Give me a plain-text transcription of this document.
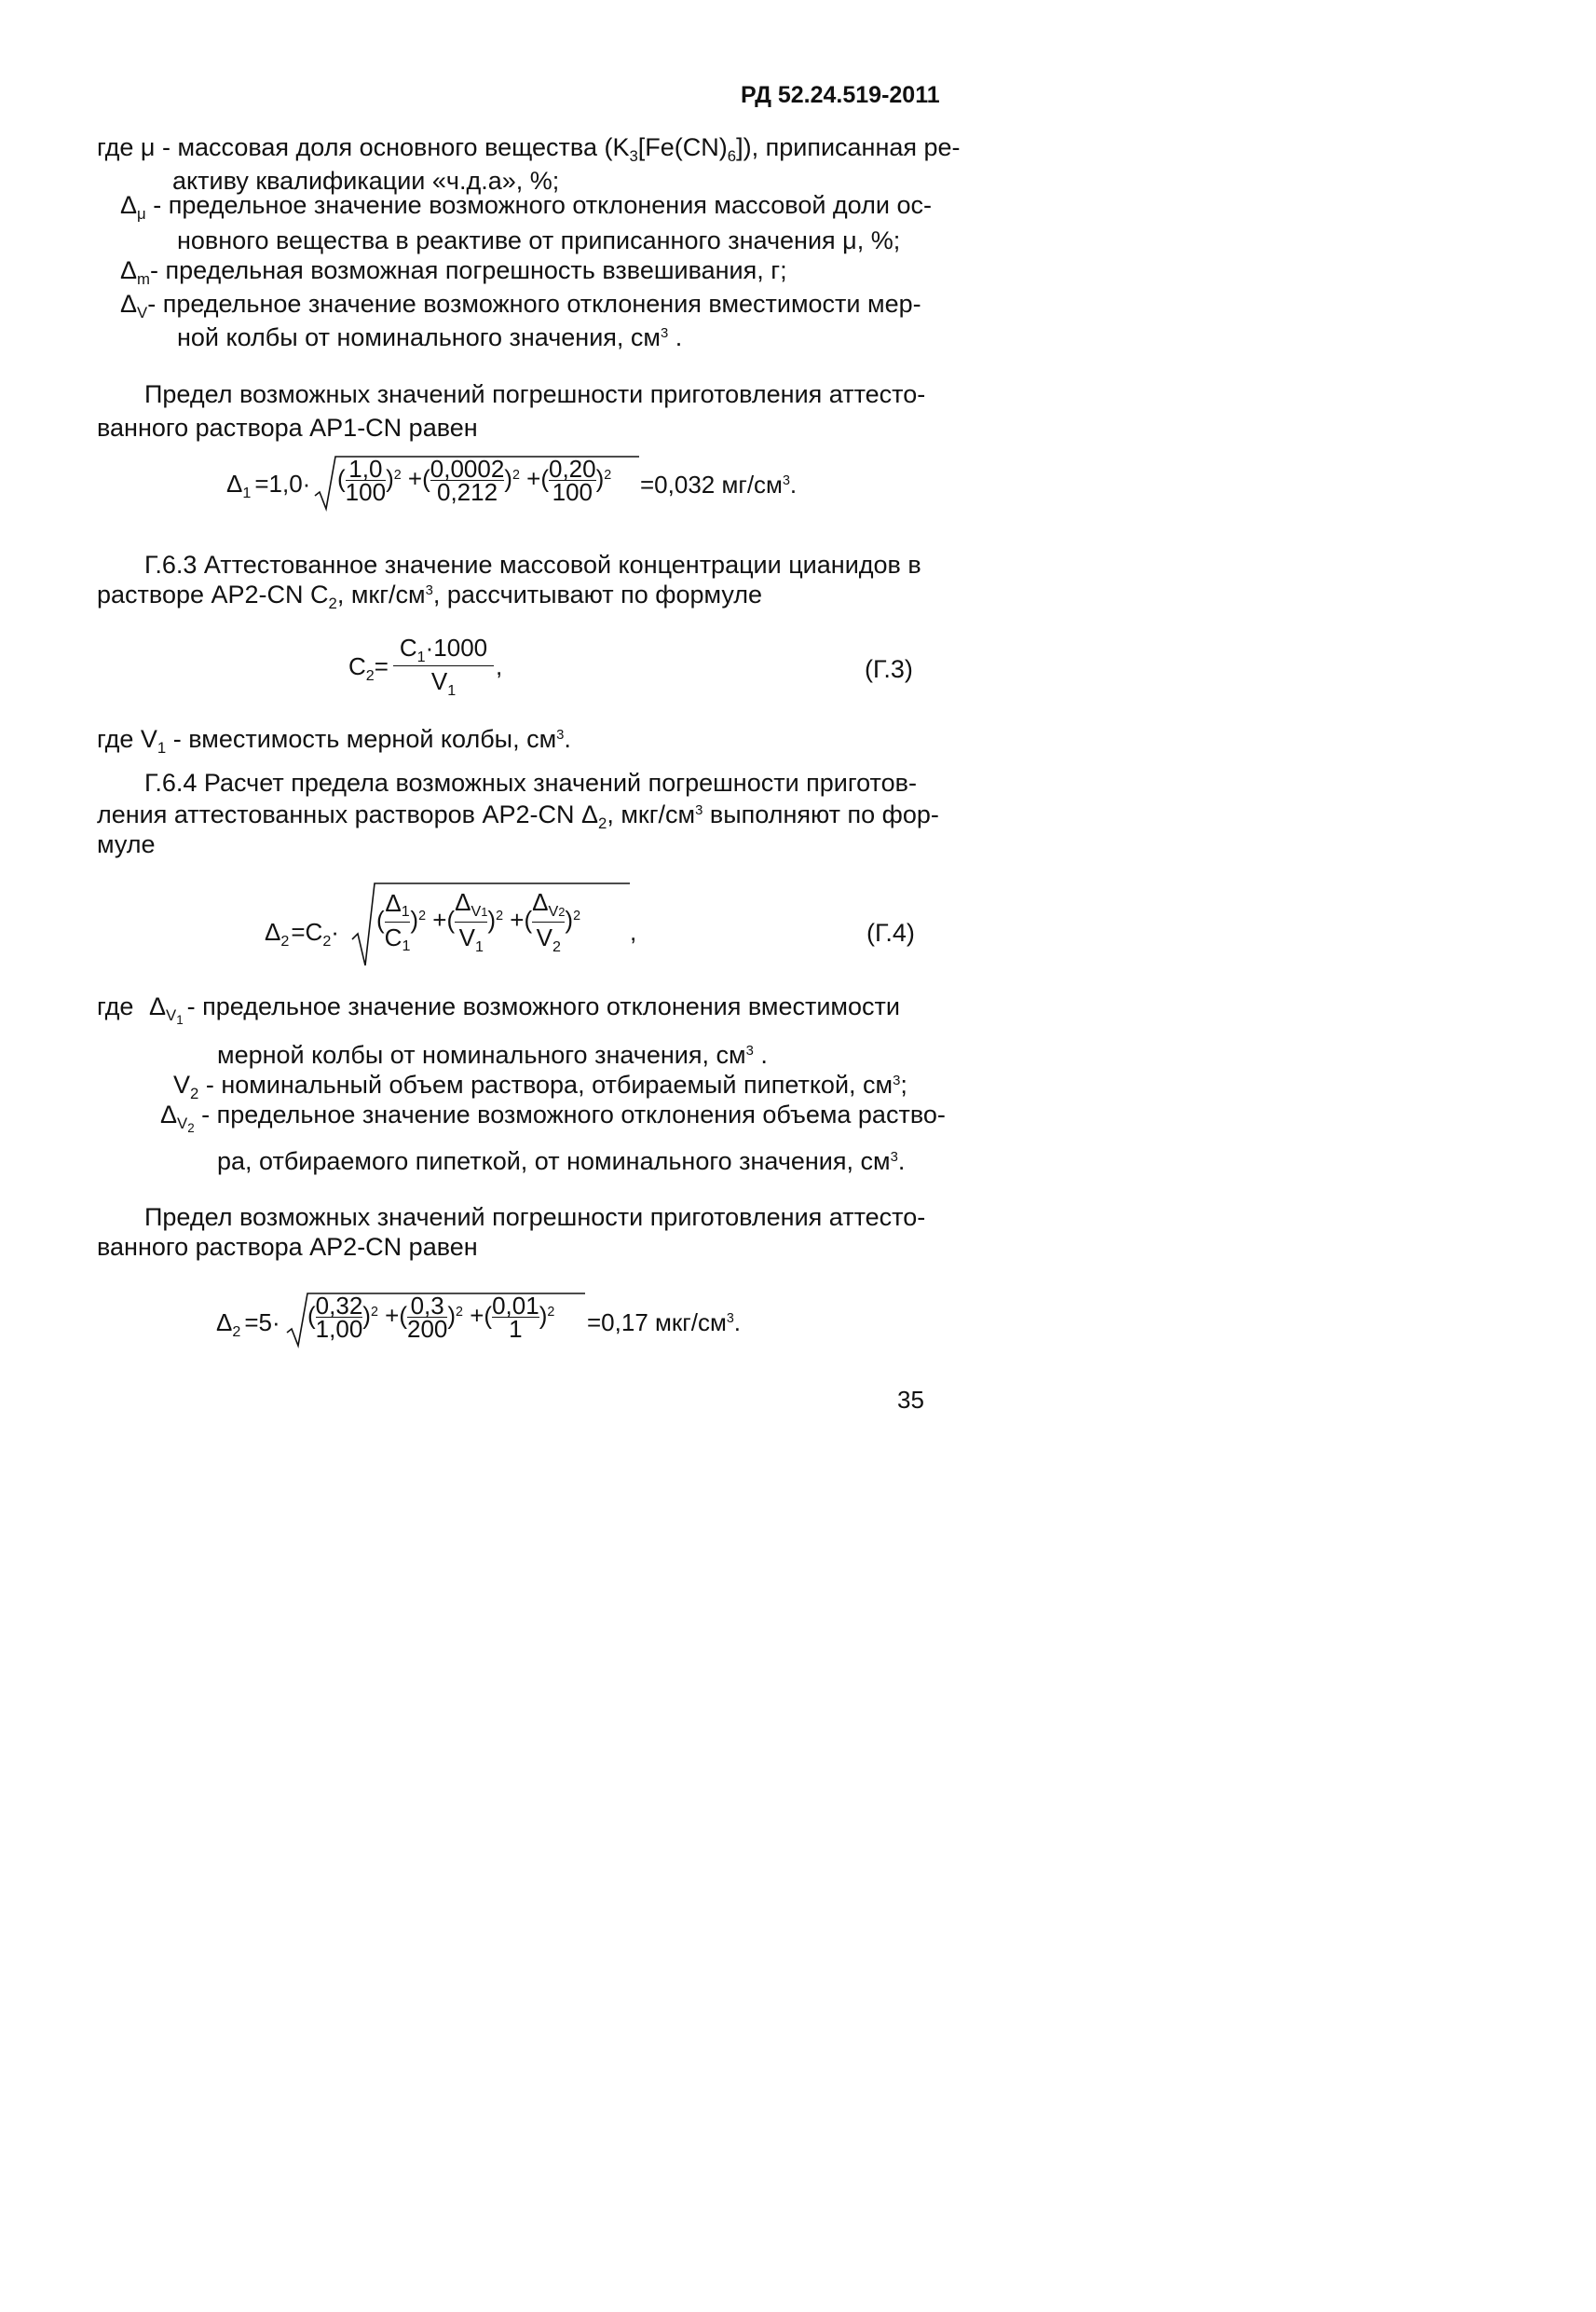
РД 52.24.519-2011
где μ - массовая доля основного вещества $(K_3[Fe(CN)_6])$, приписанная ре-
активу квалификации «ч.д.а», %;
$\Delta_\mu$ - предельное значение возможного отклонения массовой доли ос-
новного вещества в реактиве от приписанного значения μ, %;
$\Delta_m-$ предельная возможная погрешность взвешивания, г;
$\Delta_V-$ предельное значение возможного отклонения вместимости мер-
ной колбы от номинального значения, $см^3$ .
Предел возможных значений погрешности приготовления аттесто-
ванного раствора АР1-CN равен
$\Delta_1 =1,0\cdot$ ( $\frac{1,0}{100} )^2$ +( $\frac{0,0002}{0,212} )^2$ +( $\frac{0,20}{100} )^2 =0,032$ $мг/см^3$.
Г.6.3 Аттестованное значение массовой концентрации цианидов в
растворе АР2-CN $C_2$, мкг/$см^3$, рассчитывают по формуле
$C_2= \frac{C_1\cdot 1000}{V_1}$ ,	(Г.3)
где $V_1$ - вместимость мерной колбы, $см^3$.
Г.6.4 Расчет предела возможных значений погрешности приготов-
ления аттестованных растворов АР2-CN $\Delta_2$, мкг/$см^3$ выполняют по фор-
муле
$\Delta_2=C_2\cdot$ ( $\frac{\Delta_1}{C_1} )^2$ +( $\frac{\Delta_{V1}}{V_1} )^2$ +( $\frac{\Delta_{V2}}{V_2} )^2$
,	(Г.4)
где $\Delta_{V_1}$ - предельное значение возможного отклонения вместимости
мерной колбы от номинального значения, $см^3$ .
$V_2$ - номинальный объем раствора, отбираемый пипеткой, $см^3$;
$\Delta_{V_2}$ - предельное значение возможного отклонения объема раство-
ра, отбираемого пипеткой, от номинального значения, $см^3$.
Предел возможных значений погрешности приготовления аттесто-
ванного раствора АР2-CN равен
$\Delta_2 =5\cdot$ ( $\frac{0,32}{1,00} )^2$ +( $\frac{0,3}{200} )^2$ +( $\frac{0,01}{1} )^2 =0,17$ мкг/$см^3$.
35
